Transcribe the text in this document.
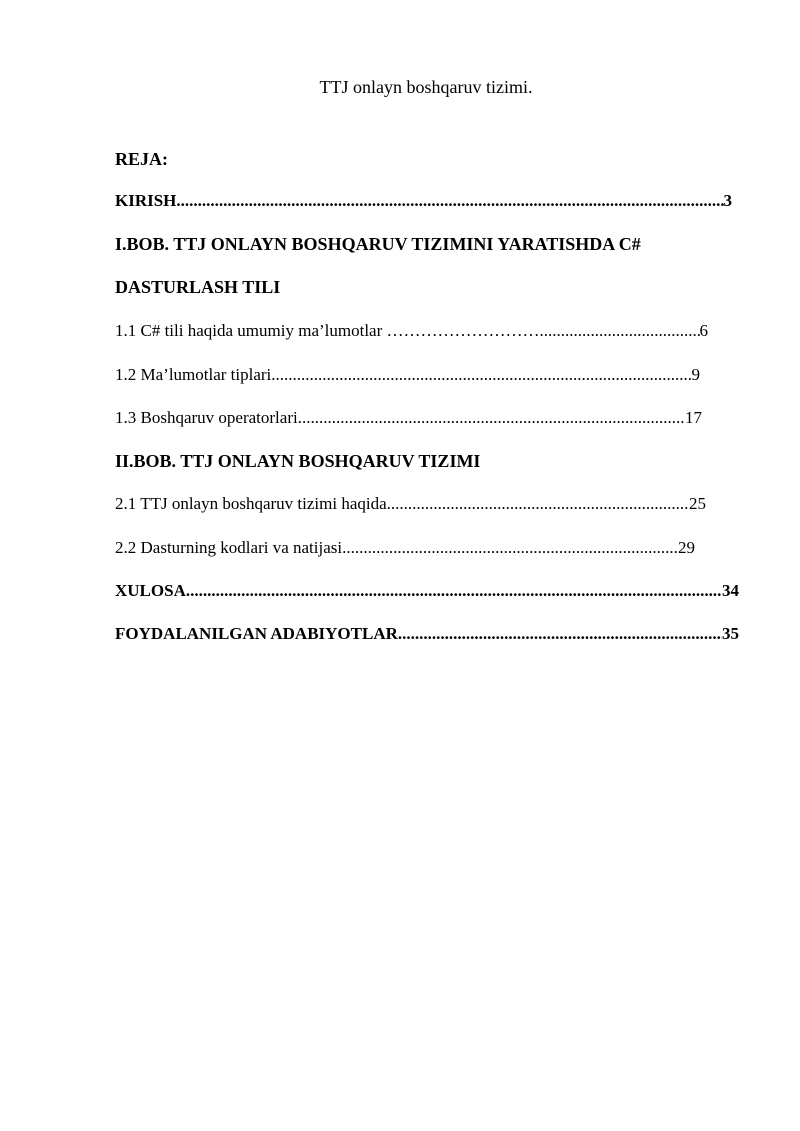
TTJ onlayn boshqaruv tizimi.
REJA:
KIRISH .....	3
I.BOB. TTJ ONLAYN BOSHQARUV TIZIMINI YARATISHDA C#
DASTURLASH TILI
1.1 C# tili haqida umumiy ma’lumotlar ……………………… .....	6
1.2 Ma’lumotlar tiplari .....	9
1.3 Boshqaruv operatorlari .....	17
II.BOB. TTJ ONLAYN BOSHQARUV TIZIMI
2.1 TTJ onlayn boshqaruv tizimi haqida .....	25
2.2 Dasturning kodlari va natijasi .....	29
XULOSA .....	34
FOYDALANILGAN ADABIYOTLAR .....	35
